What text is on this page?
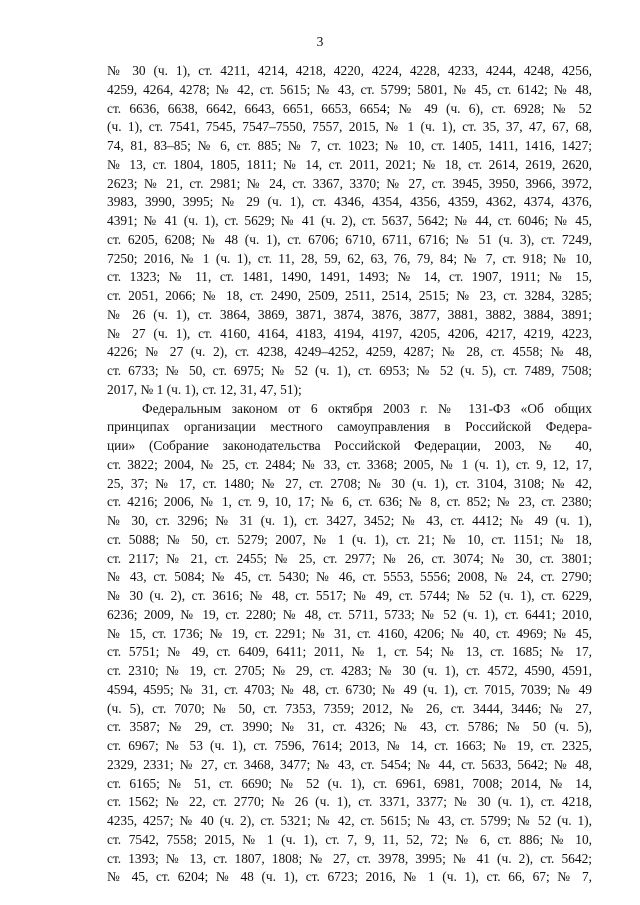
3
№ 30 (ч. 1), ст. 4211, 4214, 4218, 4220, 4224, 4228, 4233, 4244, 4248, 4256,
4259, 4264, 4278; № 42, ст. 5615; № 43, ст. 5799; 5801, № 45, ст. 6142; № 48,
ст. 6636, 6638, 6642, 6643, 6651, 6653, 6654; № 49 (ч. 6), ст. 6928; № 52
(ч. 1), ст. 7541, 7545, 7547–7550, 7557, 2015, № 1 (ч. 1), ст. 35, 37, 47, 67, 68,
74, 81, 83–85; № 6, ст. 885; № 7, ст. 1023; № 10, ст. 1405, 1411, 1416, 1427;
№ 13, ст. 1804, 1805, 1811; № 14, ст. 2011, 2021; № 18, ст. 2614, 2619, 2620,
2623; № 21, ст. 2981; № 24, ст. 3367, 3370; № 27, ст. 3945, 3950, 3966, 3972,
3983, 3990, 3995; № 29 (ч. 1), ст. 4346, 4354, 4356, 4359, 4362, 4374, 4376,
4391; № 41 (ч. 1), ст. 5629; № 41 (ч. 2), ст. 5637, 5642; № 44, ст. 6046; № 45,
ст. 6205, 6208; № 48 (ч. 1), ст. 6706; 6710, 6711, 6716; № 51 (ч. 3), ст. 7249,
7250; 2016, № 1 (ч. 1), ст. 11, 28, 59, 62, 63, 76, 79, 84; № 7, ст. 918; № 10,
ст. 1323; № 11, ст. 1481, 1490, 1491, 1493; № 14, ст. 1907, 1911; № 15,
ст. 2051, 2066; № 18, ст. 2490, 2509, 2511, 2514, 2515; № 23, ст. 3284, 3285;
№ 26 (ч. 1), ст. 3864, 3869, 3871, 3874, 3876, 3877, 3881, 3882, 3884, 3891;
№ 27 (ч. 1), ст. 4160, 4164, 4183, 4194, 4197, 4205, 4206, 4217, 4219, 4223,
4226; № 27 (ч. 2), ст. 4238, 4249–4252, 4259, 4287; № 28, ст. 4558; № 48,
ст. 6733; № 50, ст. 6975; № 52 (ч. 1), ст. 6953; № 52 (ч. 5), ст. 7489, 7508;
2017, № 1 (ч. 1), ст. 12, 31, 47, 51);
Федеральным законом от 6 октября 2003 г. № 131-ФЗ «Об общих
принципах организации местного самоуправления в Российской Федера-
ции» (Собрание законодательства Российской Федерации, 2003, № 40,
ст. 3822; 2004, № 25, ст. 2484; № 33, ст. 3368; 2005, № 1 (ч. 1), ст. 9, 12, 17,
25, 37; № 17, ст. 1480; № 27, ст. 2708; № 30 (ч. 1), ст. 3104, 3108; № 42,
ст. 4216; 2006, № 1, ст. 9, 10, 17; № 6, ст. 636; № 8, ст. 852; № 23, ст. 2380;
№ 30, ст. 3296; № 31 (ч. 1), ст. 3427, 3452; № 43, ст. 4412; № 49 (ч. 1),
ст. 5088; № 50, ст. 5279; 2007, № 1 (ч. 1), ст. 21; № 10, ст. 1151; № 18,
ст. 2117; № 21, ст. 2455; № 25, ст. 2977; № 26, ст. 3074; № 30, ст. 3801;
№ 43, ст. 5084; № 45, ст. 5430; № 46, ст. 5553, 5556; 2008, № 24, ст. 2790;
№ 30 (ч. 2), ст. 3616; № 48, ст. 5517; № 49, ст. 5744; № 52 (ч. 1), ст. 6229,
6236; 2009, № 19, ст. 2280; № 48, ст. 5711, 5733; № 52 (ч. 1), ст. 6441; 2010,
№ 15, ст. 1736; № 19, ст. 2291; № 31, ст. 4160, 4206; № 40, ст. 4969; № 45,
ст. 5751; № 49, ст. 6409, 6411; 2011, № 1, ст. 54; № 13, ст. 1685; № 17,
ст. 2310; № 19, ст. 2705; № 29, ст. 4283; № 30 (ч. 1), ст. 4572, 4590, 4591,
4594, 4595; № 31, ст. 4703; № 48, ст. 6730; № 49 (ч. 1), ст. 7015, 7039; № 49
(ч. 5), ст. 7070; № 50, ст. 7353, 7359; 2012, № 26, ст. 3444, 3446; № 27,
ст. 3587; № 29, ст. 3990; № 31, ст. 4326; № 43, ст. 5786; № 50 (ч. 5),
ст. 6967; № 53 (ч. 1), ст. 7596, 7614; 2013, № 14, ст. 1663; № 19, ст. 2325,
2329, 2331; № 27, ст. 3468, 3477; № 43, ст. 5454; № 44, ст. 5633, 5642; № 48,
ст. 6165; № 51, ст. 6690; № 52 (ч. 1), ст. 6961, 6981, 7008; 2014, № 14,
ст. 1562; № 22, ст. 2770; № 26 (ч. 1), ст. 3371, 3377; № 30 (ч. 1), ст. 4218,
4235, 4257; № 40 (ч. 2), ст. 5321; № 42, ст. 5615; № 43, ст. 5799; № 52 (ч. 1),
ст. 7542, 7558; 2015, № 1 (ч. 1), ст. 7, 9, 11, 52, 72; № 6, ст. 886; № 10,
ст. 1393; № 13, ст. 1807, 1808; № 27, ст. 3978, 3995; № 41 (ч. 2), ст. 5642;
№ 45, ст. 6204; № 48 (ч. 1), ст. 6723; 2016, № 1 (ч. 1), ст. 66, 67; № 7,
